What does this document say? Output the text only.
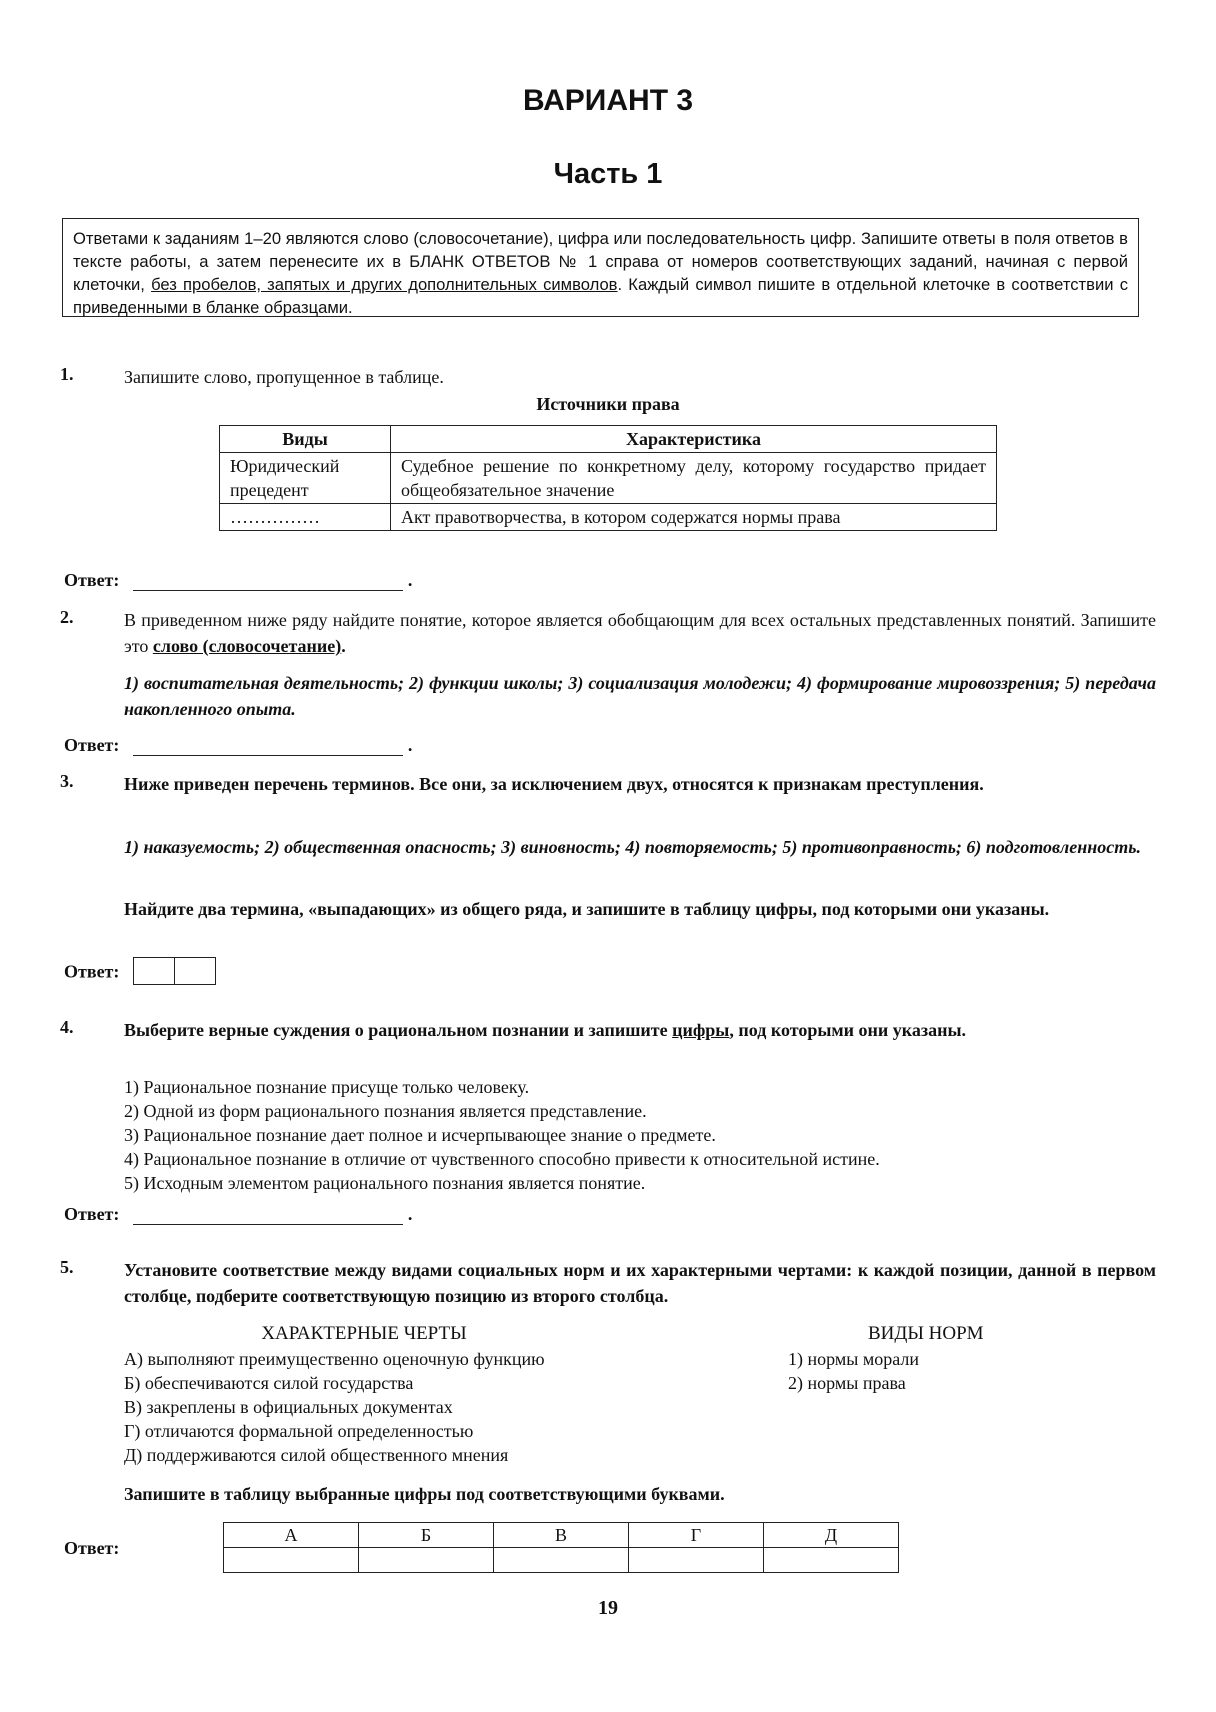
ВАРИАНТ 3
Часть 1
Ответами к заданиям 1–20 являются слово (словосочетание), цифра или последовательность цифр. Запишите ответы в поля ответов в тексте работы, а затем перенесите их в БЛАНК ОТВЕТОВ № 1 справа от номеров соответствующих заданий, начиная с первой клеточки, без пробелов, запятых и других дополнительных символов. Каждый символ пишите в отдельной клеточке в соответствии с приведенными в бланке образцами.
1.	Запишите слово, пропущенное в таблице.
Источники права
Виды	Характеристика
Юридический прецедент	Судебное решение по конкретному делу, которому государство придает общеобязательное значение
……………	Акт правотворчества, в котором содержатся нормы права
Ответ:	.
2.	В приведенном ниже ряду найдите понятие, которое является обобщающим для всех остальных представленных понятий. Запишите это слово (словосочетание).
1) воспитательная деятельность; 2) функции школы; 3) социализация молодежи; 4) формирование мировоззрения; 5) передача накопленного опыта.
Ответ:	.
3.	Ниже приведен перечень терминов. Все они, за исключением двух, относятся к признакам преступления.
1) наказуемость; 2) общественная опасность; 3) виновность; 4) повторяемость; 5) противоправность; 6) подготовленность.
Найдите два термина, «выпадающих» из общего ряда, и запишите в таблицу цифры, под которыми они указаны.
Ответ:
4.	Выберите верные суждения о рациональном познании и запишите цифры, под которыми они указаны.
1) Рациональное познание присуще только человеку.
2) Одной из форм рационального познания является представление.
3) Рациональное познание дает полное и исчерпывающее знание о предмете.
4) Рациональное познание в отличие от чувственного способно привести к относительной истине.
5) Исходным элементом рационального познания является понятие.
Ответ:	.
5.	Установите соответствие между видами социальных норм и их характерными чертами: к каждой позиции, данной в первом столбце, подберите соответствующую позицию из второго столбца.
ХАРАКТЕРНЫЕ ЧЕРТЫ
А) выполняют преимущественно оценочную функцию
Б) обеспечиваются силой государства
В) закреплены в официальных документах
Г) отличаются формальной определенностью
Д) поддерживаются силой общественного мнения
ВИДЫ НОРМ
1) нормы морали
2) нормы права
Запишите в таблицу выбранные цифры под соответствующими буквами.
Ответ:
А	Б	В	Г	Д

19
